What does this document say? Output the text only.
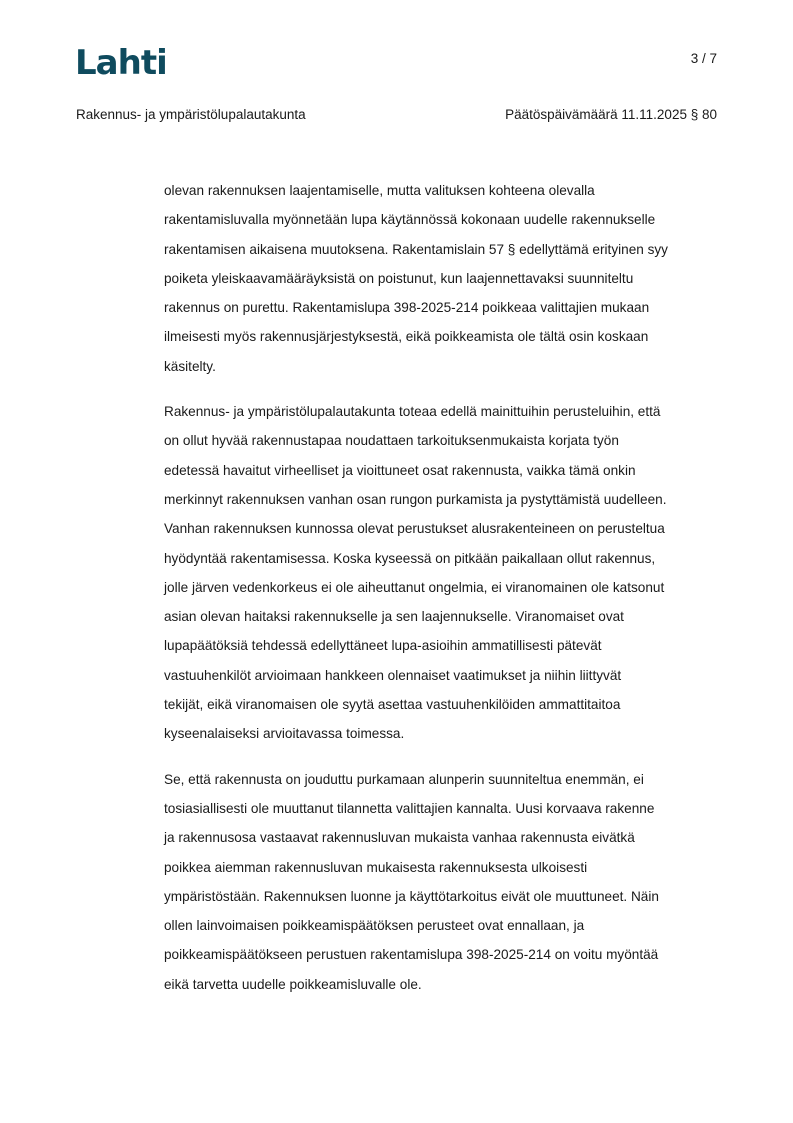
Lahti	3 / 7
Rakennus- ja ympäristölupalautakunta	Päätöspäivämäärä 11.11.2025 § 80
olevan rakennuksen laajentamiselle, mutta valituksen kohteena olevalla
rakentamisluvalla myönnetään lupa käytännössä kokonaan uudelle rakennukselle
rakentamisen aikaisena muutoksena. Rakentamislain 57 § edellyttämä erityinen syy
poiketa yleiskaavamääräyksistä on poistunut, kun laajennettavaksi suunniteltu
rakennus on purettu. Rakentamislupa 398-2025-214 poikkeaa valittajien mukaan
ilmeisesti myös rakennusjärjestyksestä, eikä poikkeamista ole tältä osin koskaan
käsitelty.
Rakennus- ja ympäristölupalautakunta toteaa edellä mainittuihin perusteluihin, että
on ollut hyvää rakennustapaa noudattaen tarkoituksenmukaista korjata työn
edetessä havaitut virheelliset ja vioittuneet osat rakennusta, vaikka tämä onkin
merkinnyt rakennuksen vanhan osan rungon purkamista ja pystyttämistä uudelleen.
Vanhan rakennuksen kunnossa olevat perustukset alusrakenteineen on perusteltua
hyödyntää rakentamisessa. Koska kyseessä on pitkään paikallaan ollut rakennus,
jolle järven vedenkorkeus ei ole aiheuttanut ongelmia, ei viranomainen ole katsonut
asian olevan haitaksi rakennukselle ja sen laajennukselle. Viranomaiset ovat
lupapäätöksiä tehdessä edellyttäneet lupa-asioihin ammatillisesti pätevät
vastuuhenkilöt arvioimaan hankkeen olennaiset vaatimukset ja niihin liittyvät
tekijät, eikä viranomaisen ole syytä asettaa vastuuhenkilöiden ammattitaitoa
kyseenalaiseksi arvioitavassa toimessa.
Se, että rakennusta on jouduttu purkamaan alunperin suunniteltua enemmän, ei
tosiasiallisesti ole muuttanut tilannetta valittajien kannalta. Uusi korvaava rakenne
ja rakennusosa vastaavat rakennusluvan mukaista vanhaa rakennusta eivätkä
poikkea aiemman rakennusluvan mukaisesta rakennuksesta ulkoisesti
ympäristöstään. Rakennuksen luonne ja käyttötarkoitus eivät ole muuttuneet. Näin
ollen lainvoimaisen poikkeamispäätöksen perusteet ovat ennallaan, ja
poikkeamispäätökseen perustuen rakentamislupa 398-2025-214 on voitu myöntää
eikä tarvetta uudelle poikkeamisluvalle ole.
